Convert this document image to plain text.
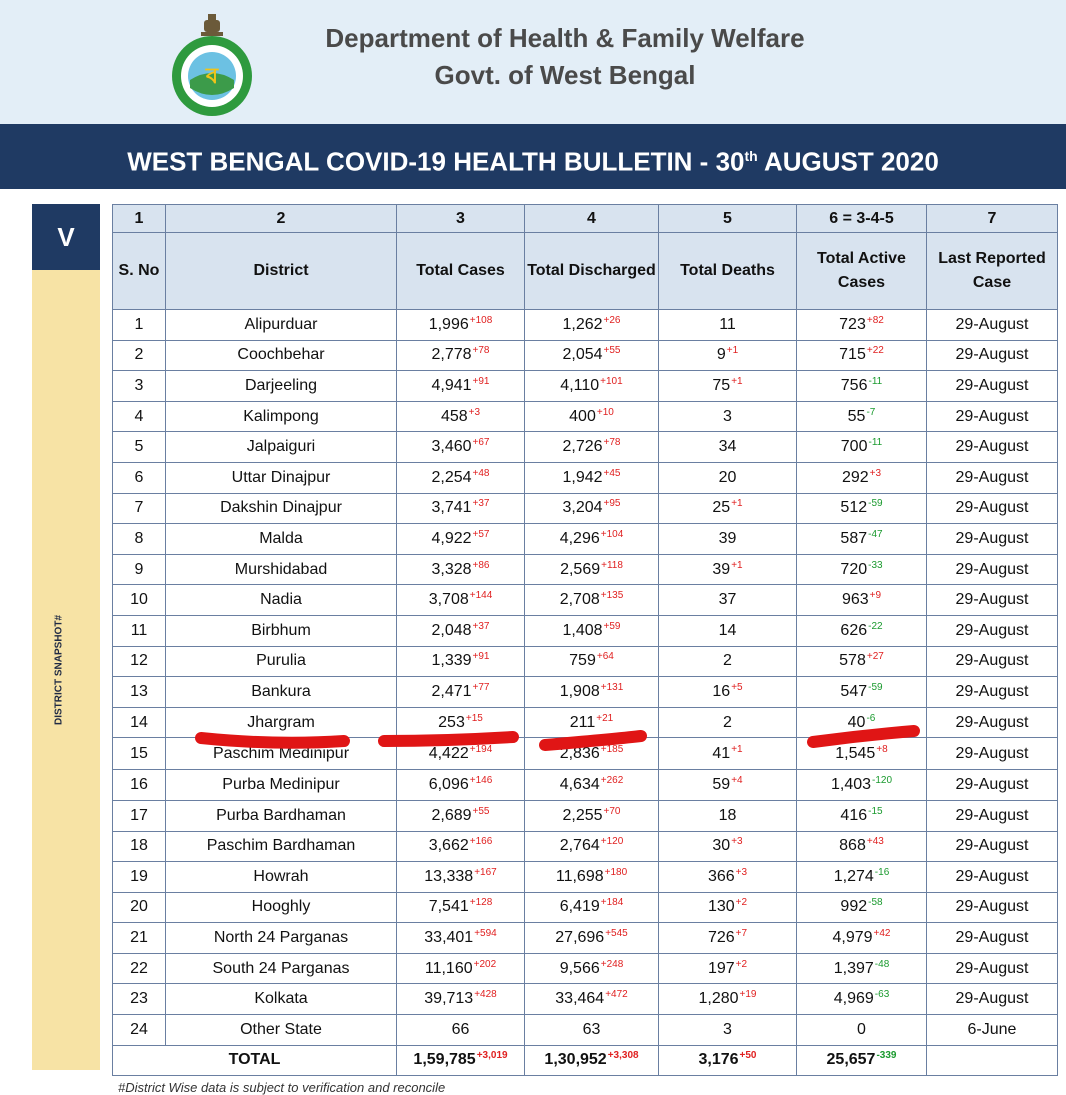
ব
Department of Health & Family Welfare
Govt. of West Bengal
WEST BENGAL COVID-19 HEALTH BULLETIN - 30th AUGUST 2020
V
DISTRICT SNAPSHOT#
1	2	3	4	5	6 = 3-4-5	7
S. No	District	Total Cases	Total Discharged	Total Deaths	Total Active Cases	Last Reported Case
1	Alipurduar	$1,996^{+108}$	$1,262^{+26}$	11	$723^{+82}$	29-August
2	Coochbehar	$2,778^{+78}$	$2,054^{+55}$	$9^{+1}$	$715^{+22}$	29-August
3	Darjeeling	$4,941^{+91}$	$4,110^{+101}$	$75^{+1}$	$756^{-11}$	29-August
4	Kalimpong	$458^{+3}$	$400^{+10}$	3	$55^{-7}$	29-August
5	Jalpaiguri	$3,460^{+67}$	$2,726^{+78}$	34	$700^{-11}$	29-August
6	Uttar Dinajpur	$2,254^{+48}$	$1,942^{+45}$	20	$292^{+3}$	29-August
7	Dakshin Dinajpur	$3,741^{+37}$	$3,204^{+95}$	$25^{+1}$	$512^{-59}$	29-August
8	Malda	$4,922^{+57}$	$4,296^{+104}$	39	$587^{-47}$	29-August
9	Murshidabad	$3,328^{+86}$	$2,569^{+118}$	$39^{+1}$	$720^{-33}$	29-August
10	Nadia	$3,708^{+144}$	$2,708^{+135}$	37	$963^{+9}$	29-August
11	Birbhum	$2,048^{+37}$	$1,408^{+59}$	14	$626^{-22}$	29-August
12	Purulia	$1,339^{+91}$	$759^{+64}$	2	$578^{+27}$	29-August
13	Bankura	$2,471^{+77}$	$1,908^{+131}$	$16^{+5}$	$547^{-59}$	29-August
14	Jhargram	$253^{+15}$	$211^{+21}$	2	$40^{-6}$	29-August
15	Paschim Medinipur	$4,422^{+194}$	$2,836^{+185}$	$41^{+1}$	$1,545^{+8}$	29-August
16	Purba Medinipur	$6,096^{+146}$	$4,634^{+262}$	$59^{+4}$	$1,403^{-120}$	29-August
17	Purba Bardhaman	$2,689^{+55}$	$2,255^{+70}$	18	$416^{-15}$	29-August
18	Paschim Bardhaman	$3,662^{+166}$	$2,764^{+120}$	$30^{+3}$	$868^{+43}$	29-August
19	Howrah	$13,338^{+167}$	$11,698^{+180}$	$366^{+3}$	$1,274^{-16}$	29-August
20	Hooghly	$7,541^{+128}$	$6,419^{+184}$	$130^{+2}$	$992^{-58}$	29-August
21	North 24 Parganas	$33,401^{+594}$	$27,696^{+545}$	$726^{+7}$	$4,979^{+42}$	29-August
22	South 24 Parganas	$11,160^{+202}$	$9,566^{+248}$	$197^{+2}$	$1,397^{-48}$	29-August
23	Kolkata	$39,713^{+428}$	$33,464^{+472}$	$1,280^{+19}$	$4,969^{-63}$	29-August
24	Other State	66	63	3	0	6-June
TOTAL		$1,59,785^{+3,019}$	$1,30,952^{+3,308}$	$3,176^{+50}$	$25,657^{-339}$	
#District Wise data is subject to verification and reconcile
